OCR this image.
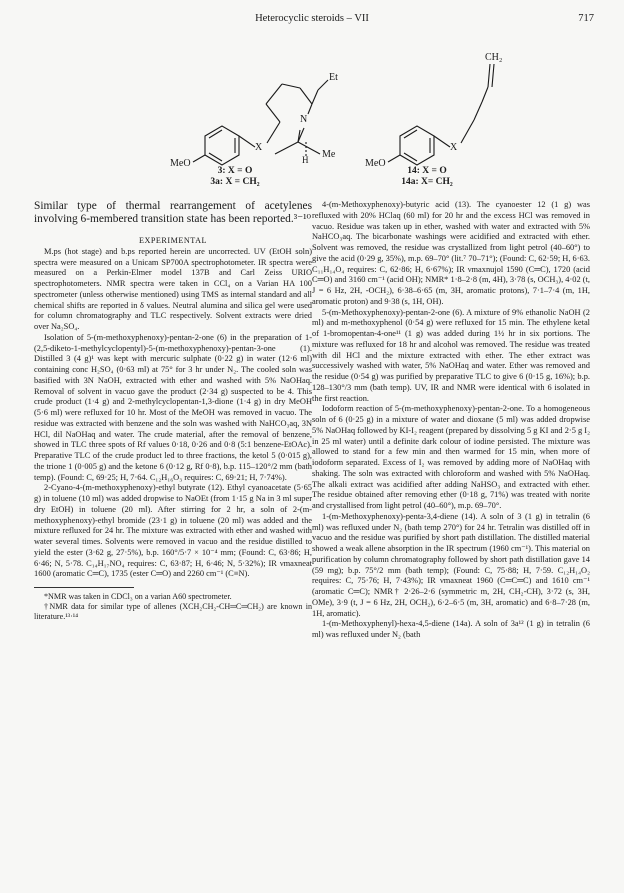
Heterocyclic steroids – VII	717
MeO
X
Et
N
H Me
MeO
X
CH₂
3: X = O
3a: X = CH₂
14: X = O
14a: X= CH₂

Similar type of thermal rearrangement of acetylenes involving 6-membered transition state has been reported.³⁻¹⁰

EXPERIMENTAL

M.ps (hot stage) and b.ps reported herein are uncorrected. UV (EtOH soln) spectra were measured on a Unicam SP700A spectrophotometer. IR spectra were measured on a Perkin-Elmer model 137B and Carl Zeiss URIO spectrophotometers. NMR spectra were taken in CCl₄ on a Varian HA 100 spectrometer (unless otherwise mentioned) using TMS as internal standard and all chemical shifts are reported in δ values. Neutral alumina and silica gel were used for column chromatography and TLC respectively. Solvent extracts were dried over Na₂SO₄.

Isolation of 5-(m-methoxyphenoxy)-pentan-2-one (6) in the preparation of 1-(2,5-diketo-1-methylcyclopentyl)-5-(m-methoxyphenoxy)-pentan-3-one (1). Distilled 3 (4 g)¹ was kept with mercuric sulphate (0·22 g) in water (12·6 ml) containing conc H₂SO₄ (0·63 ml) at 75° for 3 hr under N₂. The cooled soln was basified with 3N NaOH, extracted with ether and washed with 5% NaOHaq. Removal of solvent in vacuo gave the product (2·34 g) suspected to be 4. This crude product (1·4 g) and 2-methylcyclopentan-1,3-dione (1·4 g) in dry MeOH (5·6 ml) were refluxed for 10 hr. Most of the MeOH was removed in vacuo. The residue was extracted with benzene and the soln was washed with NaHCO₃aq, 3N HCl, dil NaOHaq and water. The crude material, after the removal of benzene, showed in TLC three spots of Rf values 0·18, 0·26 and 0·8 (5:1 benzene-EtOAc). Preparative TLC of the crude product led to three fractions, the ketol 5 (0·015 g), the trione 1 (0·005 g) and the ketone 6 (0·12 g, Rf 0·8), b.p. 115–120°/2 mm (bath temp). (Found: C, 69·25; H, 7·64. C₁₂H₁₆O₃ requires: C, 69·21; H, 7·74%).

2-Cyano-4-(m-methoxyphenoxy)-ethyl butyrate (12). Ethyl cyanoacetate (5·65 g) in toluene (10 ml) was added dropwise to NaOEt (from 1·15 g Na in 3 ml super dry EtOH) in toluene (20 ml). After stirring for 2 hr, a soln of 2-(m-methoxyphenoxy)-ethyl bromide (23·1 g) in toluene (20 ml) was added and the mixture refluxed for 24 hr. The mixture was extracted with ether and washed with water several times. Solvents were removed in vacuo and the residue distilled to yield the ester (3·62 g, 27·5%), b.p. 160°/5·7 × 10⁻⁴ mm; (Found: C, 63·86; H, 6·46; N, 5·78. C₁₄H₁₇NO₄ requires: C, 63·87; H, 6·46; N, 5·32%); IR νmaxneat 1600 (aromatic C═C), 1735 (ester C═O) and 2260 cm⁻¹ (C≡N).

*NMR was taken in CDCl₃ on a varian A60 spectrometer.

†NMR data for similar type of allenes (XCH₂CH₂-CH═C═CH₂) are known in literature.¹³·¹⁴

4-(m-Methoxyphenoxy)-butyric acid (13). The cyanoester 12 (1 g) was refluxed with 20% HClaq (60 ml) for 20 hr and the excess HCl was removed in vacuo. Residue was taken up in ether, washed with water and extracted with 5% NaHCO₃aq. The bicarbonate washings were acidified and extracted with ether. Solvent was removed, the residue was crystallized from light petrol (40–60°) to give the acid (0·29 g, 35%), m.p. 69–70° (lit.⁷ 70–71°); (Found: C, 62·59; H, 6·63. C₁₁H₁₄O₄ requires: C, 62·86; H, 6·67%); IR νmaxnujol 1590 (C═C), 1720 (acid C═O) and 3160 cm⁻¹ (acid OH); NMR* 1·8–2·8 (m, 4H), 3·78 (s, OCH₃), 4·02 (t, J = 6 Hz, 2H, -OCH₂), 6·38–6·65 (m, 3H, aromatic protons), 7·1–7·4 (m, 1H, aromatic proton) and 9·38 (s, 1H, OH).

5-(m-Methoxyphenoxy)-pentan-2-one (6). A mixture of 9% ethanolic NaOH (2 ml) and m-methoxyphenol (0·54 g) were refluxed for 15 min. The ethylene ketal of 1-bromopentan-4-one¹¹ (1 g) was added during 1½ hr in six portions. The mixture was refluxed for 18 hr and alcohol was removed. The residue was treated with dil HCl and the mixture extracted with ether. The ether extract was successively washed with water, 5% NaOHaq and water. Ether was removed and the residue (0·54 g) was purified by preparative TLC to give 6 (0·15 g, 16%); b.p. 128–130°/3 mm (bath temp). UV, IR and NMR were identical with 6 isolated in the first reaction.

Iodoform reaction of 5-(m-methoxyphenoxy)-pentan-2-one. To a homogeneous soln of 6 (0·25 g) in a mixture of water and dioxane (5 ml) was added dropwise 5% NaOHaq followed by KI-I₂ reagent (prepared by dissolving 5 g KI and 2·5 g I₂ in 25 ml water) until a definite dark colour of iodine persisted. The mixture was allowed to stand for a few min and then warmed for 15 min, when more of iodoform separated. Excess of I₂ was removed by adding more of NaOHaq with shaking. The soln was extracted with chloroform and washed with 5% NaOHaq. The alkali extract was acidified after adding NaHSO₃ and extracted with ether. The residue obtained after removing ether (0·18 g, 71%) was treated with norite and crystallised from light petrol (40–60°), m.p. 69–70°.

1-(m-Methoxyphenoxy)-penta-3,4-diene (14). A soln of 3 (1 g) in tetralin (6 ml) was refluxed under N₂ (bath temp 270°) for 24 hr. Tetralin was distilled off in vacuo and the residue was purified by short path distillation. The distilled material showed a weak allene absorption in the IR spectrum (1960 cm⁻¹). This material on purification by column chromatography followed by short path distillation gave 14 (59 mg); b.p. 75°/2 mm (bath temp); (Found: C, 75·88; H, 7·59. C₁₂H₁₄O₂ requires: C, 75·76; H, 7·43%); IR νmaxneat 1960 (C═C═C) and 1610 cm⁻¹ (aromatic C═C); NMR† 2·26–2·6 (symmetric m, 2H, CH₂-CH), 3·72 (s, 3H, OMe), 3·9 (t, J = 6 Hz, 2H, OCH₂), 6·2–6·5 (m, 3H, aromatic) and 6·8–7·28 (m, 1H, aromatic).

1-(m-Methoxyphenyl)-hexa-4,5-diene (14a). A soln of 3a¹² (1 g) in tetralin (6 ml) was refluxed under N₂ (bath
